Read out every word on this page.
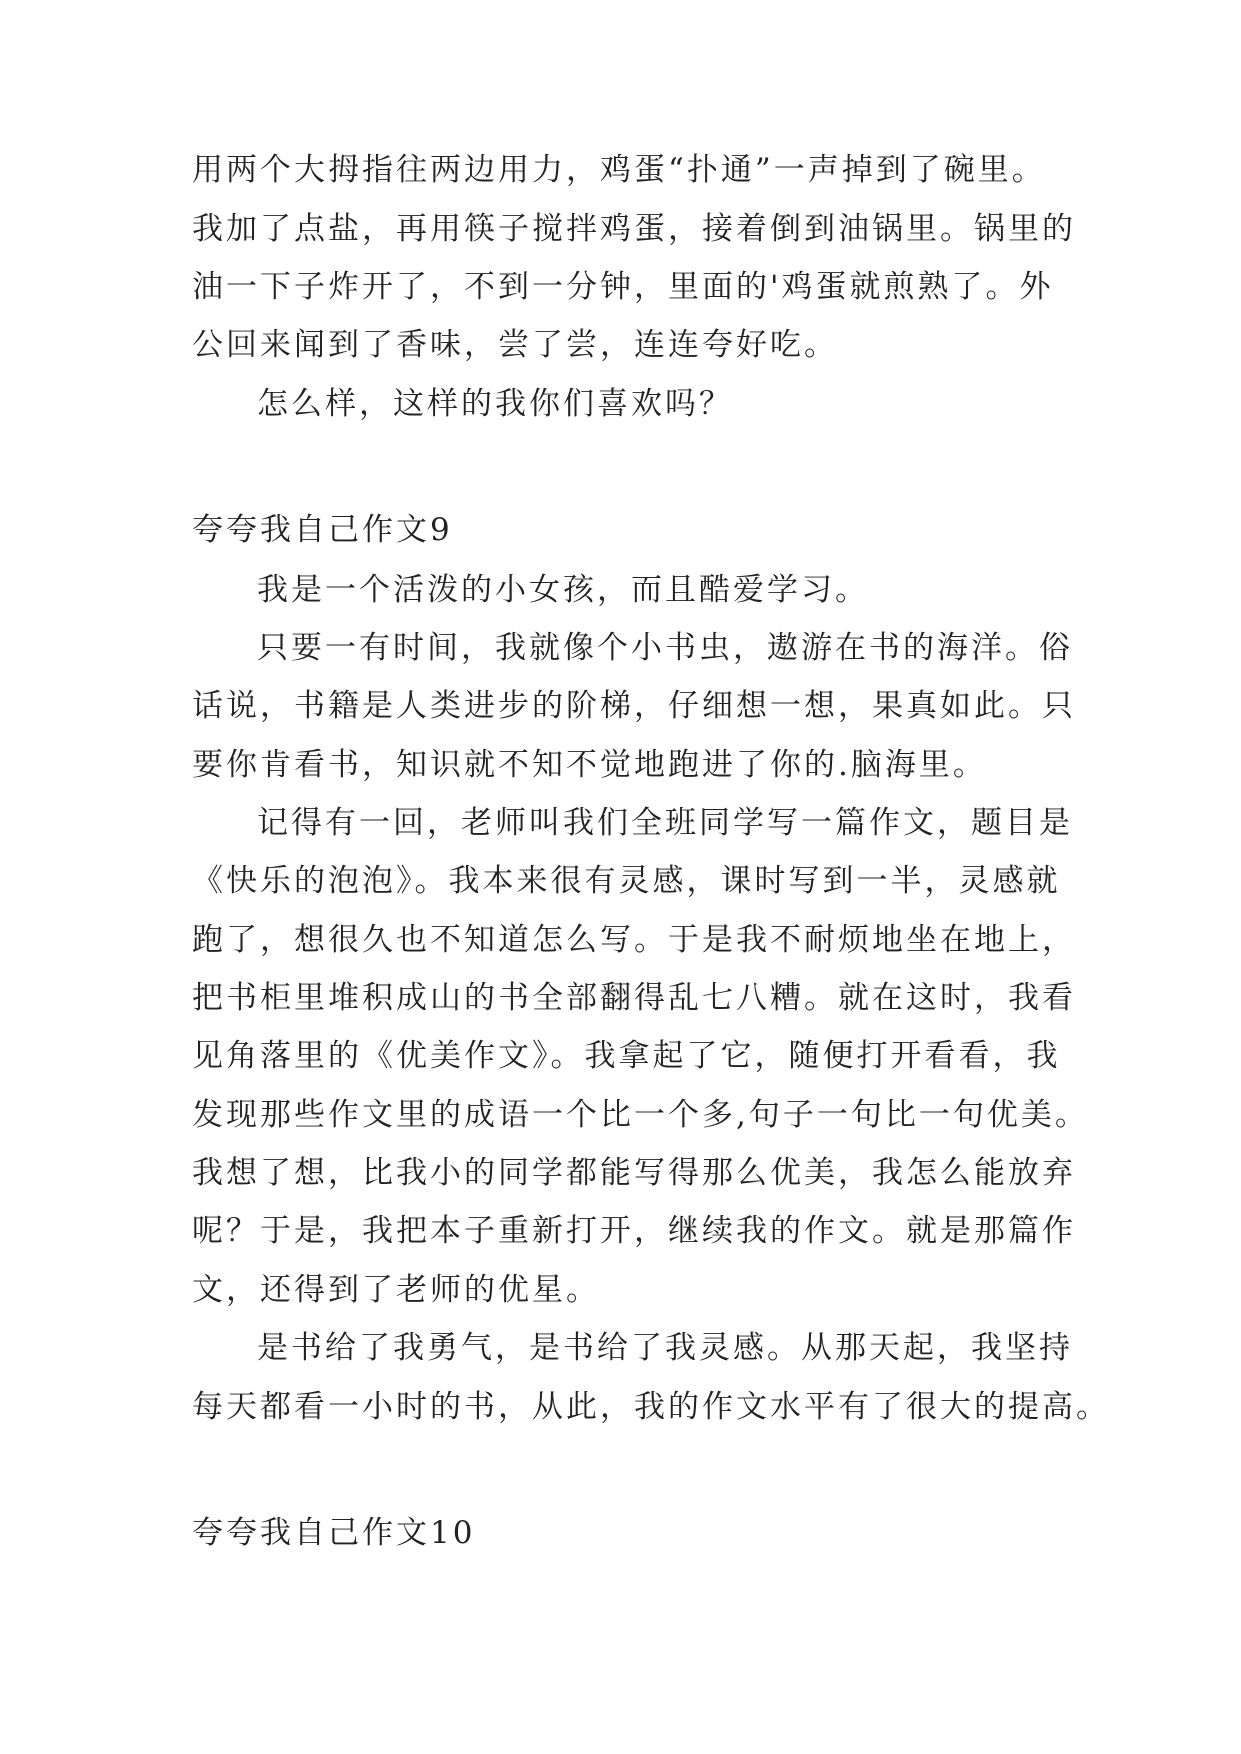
用两个大拇指往两边用力，鸡蛋“扑通”一声掉到了碗里。
我加了点盐，再用筷子搅拌鸡蛋，接着倒到油锅里。锅里的
油一下子炸开了，不到一分钟，里面的'鸡蛋就煎熟了。外
公回来闻到了香味，尝了尝，连连夸好吃。
怎么样，这样的我你们喜欢吗？
夸夸我自己作文9
我是一个活泼的小女孩，而且酷爱学习。
只要一有时间，我就像个小书虫，遨游在书的海洋。俗
话说，书籍是人类进步的阶梯，仔细想一想，果真如此。只
要你肯看书，知识就不知不觉地跑进了你的.脑海里。
记得有一回，老师叫我们全班同学写一篇作文，题目是
《快乐的泡泡》。我本来很有灵感，课时写到一半，灵感就
跑了，想很久也不知道怎么写。于是我不耐烦地坐在地上，
把书柜里堆积成山的书全部翻得乱七八糟。就在这时，我看
见角落里的《优美作文》。我拿起了它，随便打开看看，我
发现那些作文里的成语一个比一个多,句子一句比一句优美。
我想了想，比我小的同学都能写得那么优美，我怎么能放弃
呢？于是，我把本子重新打开，继续我的作文。就是那篇作
文，还得到了老师的优星。
是书给了我勇气，是书给了我灵感。从那天起，我坚持
每天都看一小时的书，从此，我的作文水平有了很大的提高。
夸夸我自己作文10
